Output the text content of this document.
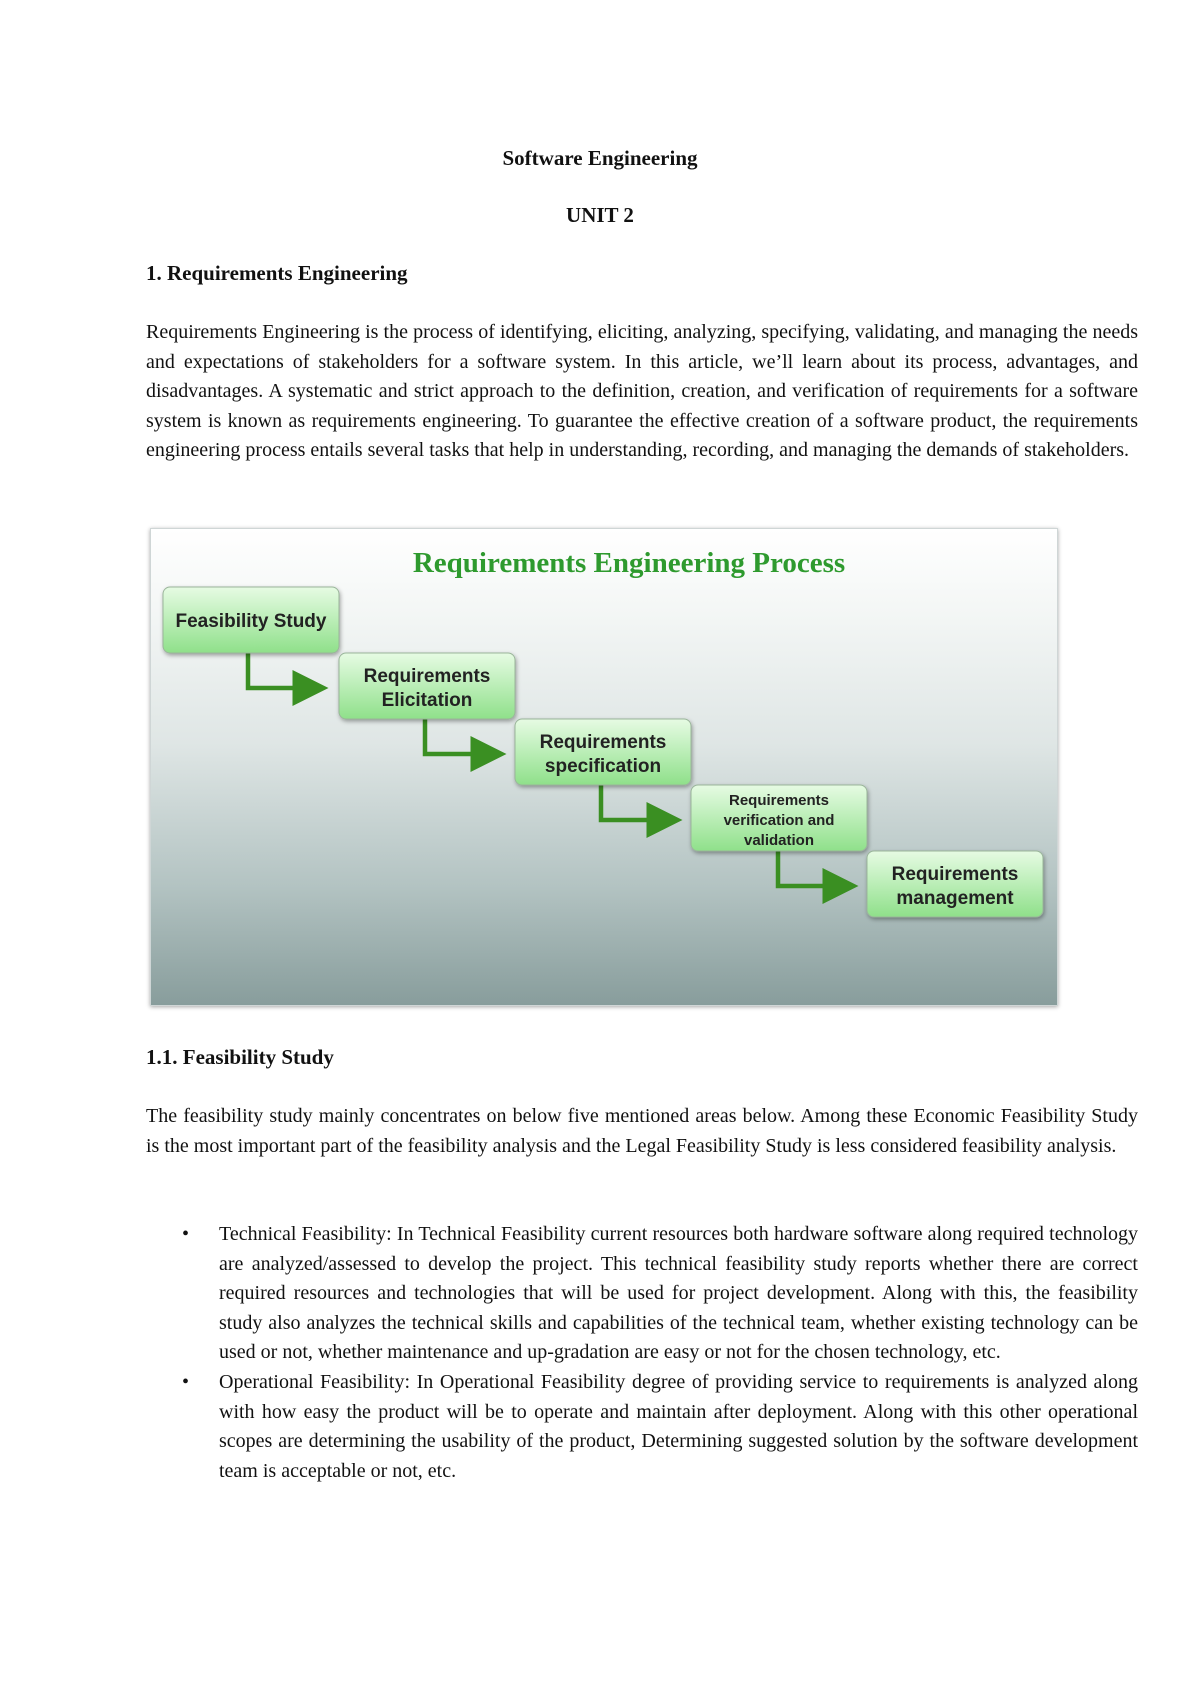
Software Engineering
UNIT 2
1. Requirements Engineering

Requirements Engineering is the process of identifying, eliciting, analyzing, specifying, validating, and managing the needs and expectations of stakeholders for a software system. In this article, we’ll learn about its process, advantages, and disadvantages. A systematic and strict approach to the definition, creation, and verification of requirements for a software system is known as requirements engineering. To guarantee the effective creation of a software product, the requirements engineering process entails several tasks that help in understanding, recording, and managing the demands of stakeholders.

Requirements Engineering Process
Feasibility Study
Requirements
Elicitation
Requirements
specification
Requirements
verification and
validation
Requirements
management
1.1. Feasibility Study

The feasibility study mainly concentrates on below five mentioned areas below. Among these Economic Feasibility Study is the most important part of the feasibility analysis and the Legal Feasibility Study is less considered feasibility analysis.

• Technical Feasibility: In Technical Feasibility current resources both hardware software along required technology are analyzed/assessed to develop the project. This technical feasibility study reports whether there are correct required resources and technologies that will be used for project development. Along with this, the feasibility study also analyzes the technical skills and capabilities of the technical team, whether existing technology can be used or not, whether maintenance and up-gradation are easy or not for the chosen technology, etc.
• Operational Feasibility: In Operational Feasibility degree of providing service to requirements is analyzed along with how easy the product will be to operate and maintain after deployment. Along with this other operational scopes are determining the usability of the product, Determining suggested solution by the software development team is acceptable or not, etc.
